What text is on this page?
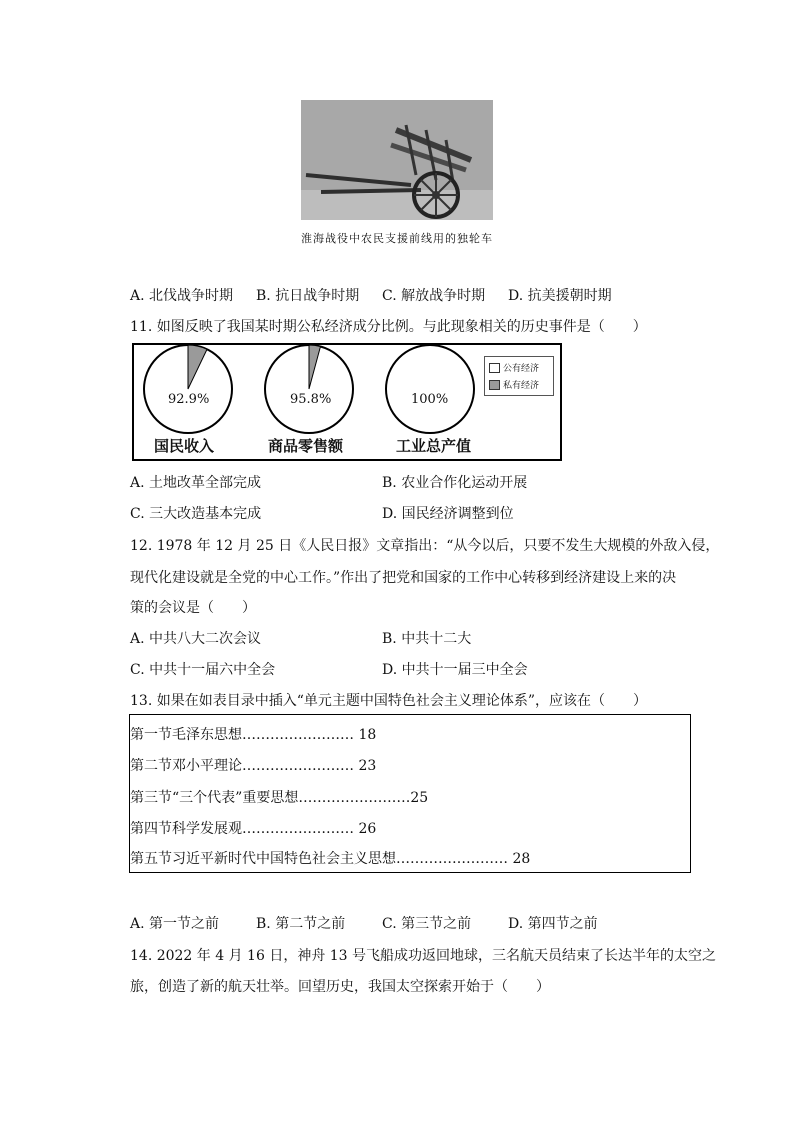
淮海战役中农民支援前线用的独轮车
A. 北伐战争时期 B. 抗日战争时期 C. 解放战争时期 D. 抗美援朝时期
11. 如图反映了我国某时期公私经济成分比例。与此现象相关的历史事件是（　　）
92.9%	95.8%	100%
国民收入	商品零售额	工业总产值
公有经济
私有经济
A. 土地改革全部完成	B. 农业合作化运动开展
C. 三大改造基本完成	D. 国民经济调整到位
12. 1978 年 12 月 25 日《人民日报》文章指出：“从今以后，只要不发生大规模的外敌入侵，
现代化建设就是全党的中心工作。”作出了把党和国家的工作中心转移到经济建设上来的决
策的会议是（　　）
A. 中共八大二次会议	B. 中共十二大
C. 中共十一届六中全会	D. 中共十一届三中全会
13. 如果在如表目录中插入“单元主题中国特色社会主义理论体系”，应该在（　　）
第一节毛泽东思想…………………… 18
第二节邓小平理论…………………… 23
第三节“三个代表”重要思想……………………25
第四节科学发展观…………………… 26
第五节习近平新时代中国特色社会主义思想…………………… 28
A. 第一节之前	B. 第二节之前	C. 第三节之前	D. 第四节之前
14. 2022 年 4 月 16 日，神舟 13 号飞船成功返回地球，三名航天员结束了长达半年的太空之
旅，创造了新的航天壮举。回望历史，我国太空探索开始于（　　）
